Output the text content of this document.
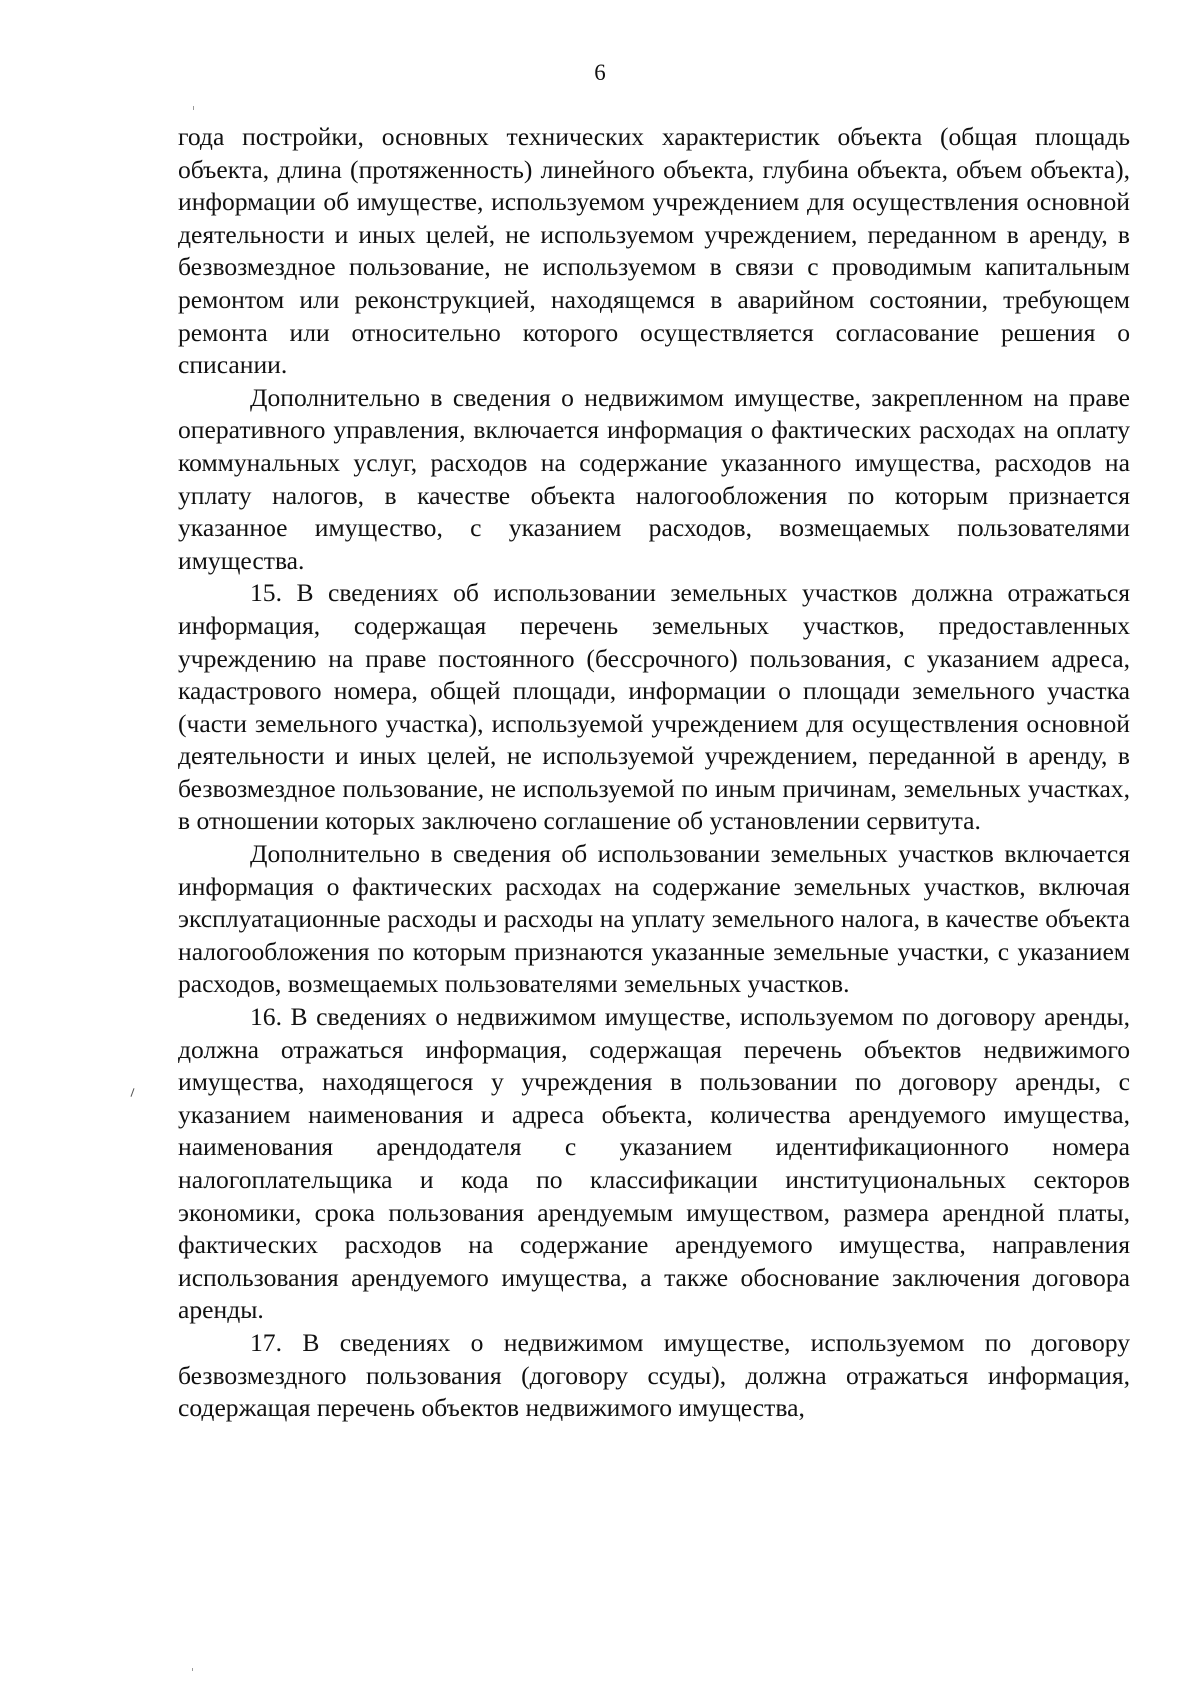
6

года постройки, основных технических характеристик объекта (общая площадь объекта, длина (протяженность) линейного объекта, глубина объекта, объем объекта), информации об имуществе, используемом учреждением для осуществления основной деятельности и иных целей, не используемом учреждением, переданном в аренду, в безвозмездное пользование, не используемом в связи с проводимым капитальным ремонтом или реконструкцией, находящемся в аварийном состоянии, требующем ремонта или относительно которого осуществляется согласование решения о списании.

Дополнительно в сведения о недвижимом имуществе, закрепленном на праве оперативного управления, включается информация о фактических расходах на оплату коммунальных услуг, расходов на содержание указанного имущества, расходов на уплату налогов, в качестве объекта налогообложения по которым признается указанное имущество, с указанием расходов, возмещаемых пользователями имущества.

15. В сведениях об использовании земельных участков должна отражаться информация, содержащая перечень земельных участков, предоставленных учреждению на праве постоянного (бессрочного) пользования, с указанием адреса, кадастрового номера, общей площади, информации о площади земельного участка (части земельного участка), используемой учреждением для осуществления основной деятельности и иных целей, не используемой учреждением, переданной в аренду, в безвозмездное пользование, не используемой по иным причинам, земельных участках, в отношении которых заключено соглашение об установлении сервитута.

Дополнительно в сведения об использовании земельных участков включается информация о фактических расходах на содержание земельных участков, включая эксплуатационные расходы и расходы на уплату земельного налога, в качестве объекта налогообложения по которым признаются указанные земельные участки, с указанием расходов, возмещаемых пользователями земельных участков.

16. В сведениях о недвижимом имуществе, используемом по договору аренды, должна отражаться информация, содержащая перечень объектов недвижимого имущества, находящегося у учреждения в пользовании по договору аренды, с указанием наименования и адреса объекта, количества арендуемого имущества, наименования арендодателя с указанием идентификационного номера налогоплательщика и кода по классификации институциональных секторов экономики, срока пользования арендуемым имуществом, размера арендной платы, фактических расходов на содержание арендуемого имущества, направления использования арендуемого имущества, а также обоснование заключения договора аренды.

17. В сведениях о недвижимом имуществе, используемом по договору безвозмездного пользования (договору ссуды), должна отражаться информация, содержащая перечень объектов недвижимого имущества,
